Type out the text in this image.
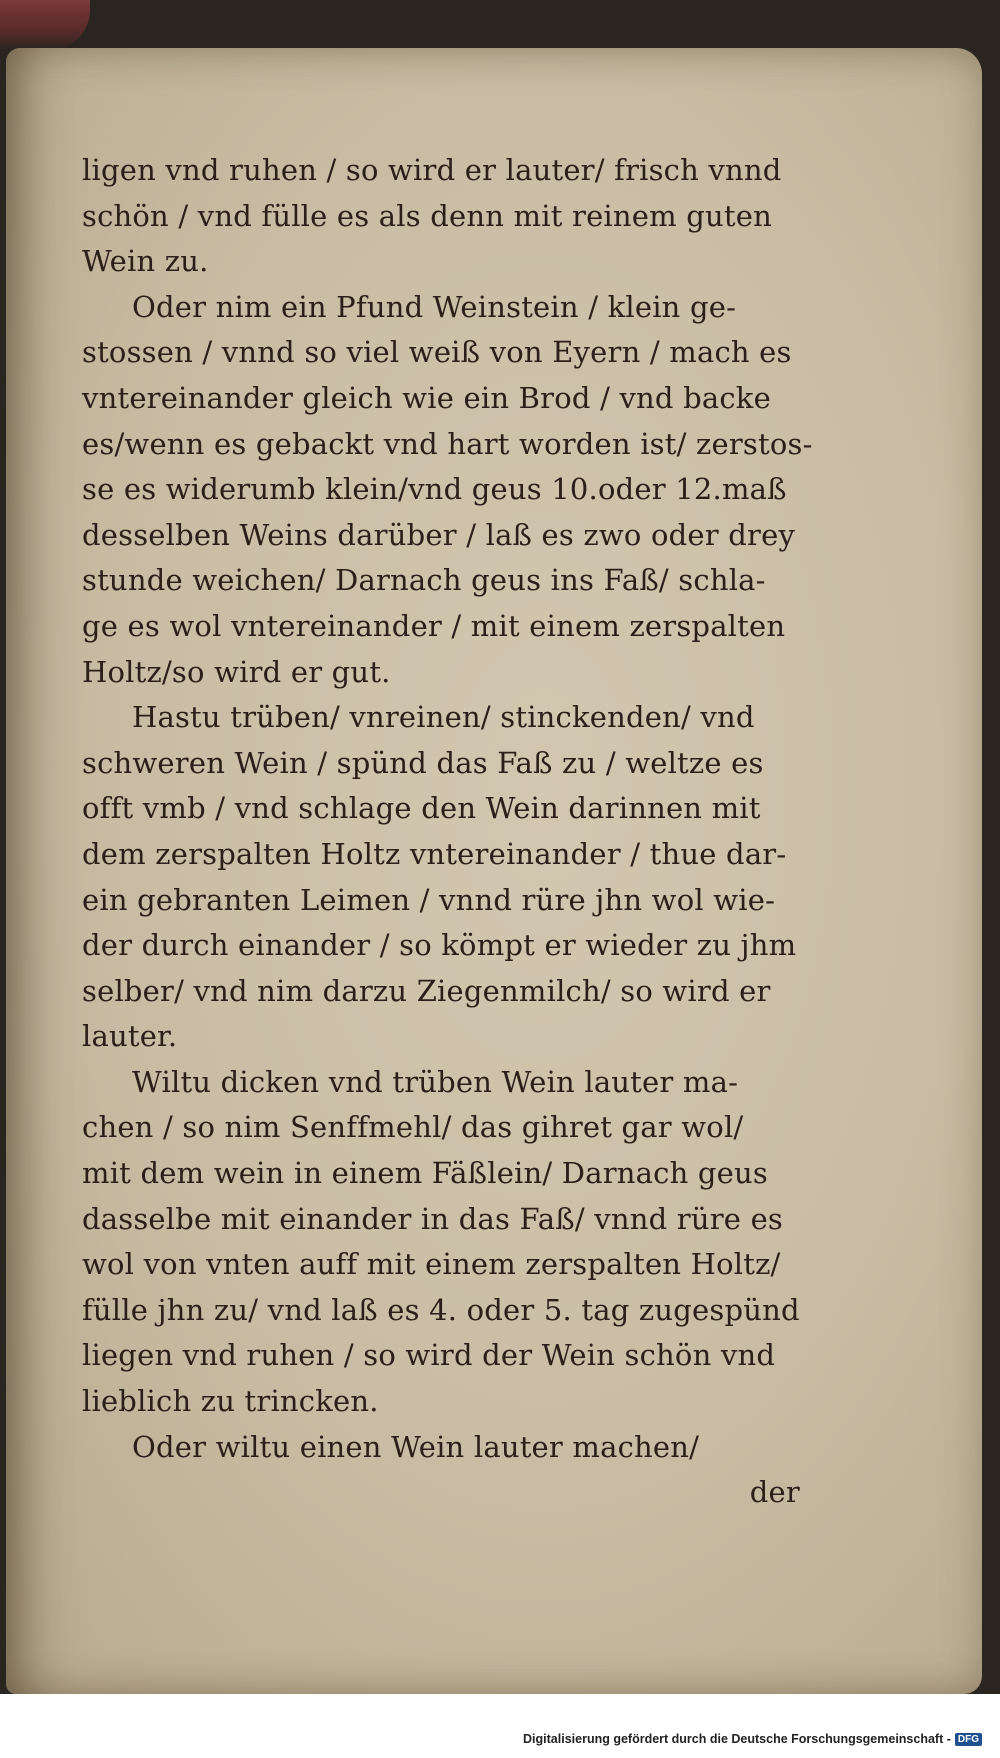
ligen vnd ruhen / so wird er lauter/ frisch vnnd
schön / vnd fülle es als denn mit reinem guten
Wein zu.
Oder nim ein Pfund Weinstein / klein ge-
stossen / vnnd so viel weiß von Eyern / mach es
vntereinander gleich wie ein Brod / vnd backe
es/wenn es gebackt vnd hart worden ist/ zerstos-
se es widerumb klein/vnd geus 10.oder 12.maß
desselben Weins darüber / laß es zwo oder drey
stunde weichen/ Darnach geus ins Faß/ schla-
ge es wol vntereinander / mit einem zerspalten
Holtz/so wird er gut.
Hastu trüben/ vnreinen/ stinckenden/ vnd
schweren Wein / spünd das Faß zu / weltze es
offt vmb / vnd schlage den Wein darinnen mit
dem zerspalten Holtz vntereinander / thue dar-
ein gebranten Leimen / vnnd rüre jhn wol wie-
der durch einander / so kömpt er wieder zu jhm
selber/ vnd nim darzu Ziegenmilch/ so wird er
lauter.
Wiltu dicken vnd trüben Wein lauter ma-
chen / so nim Senffmehl/ das gihret gar wol/
mit dem wein in einem Fäßlein/ Darnach geus
dasselbe mit einander in das Faß/ vnnd rüre es
wol von vnten auff mit einem zerspalten Holtz/
fülle jhn zu/ vnd laß es 4. oder 5. tag zugespünd
liegen vnd ruhen / so wird der Wein schön vnd
lieblich zu trincken.
Oder wiltu einen Wein lauter machen/
der
Digitalisierung gefördert durch die Deutsche Forschungsgemeinschaft - DFG
